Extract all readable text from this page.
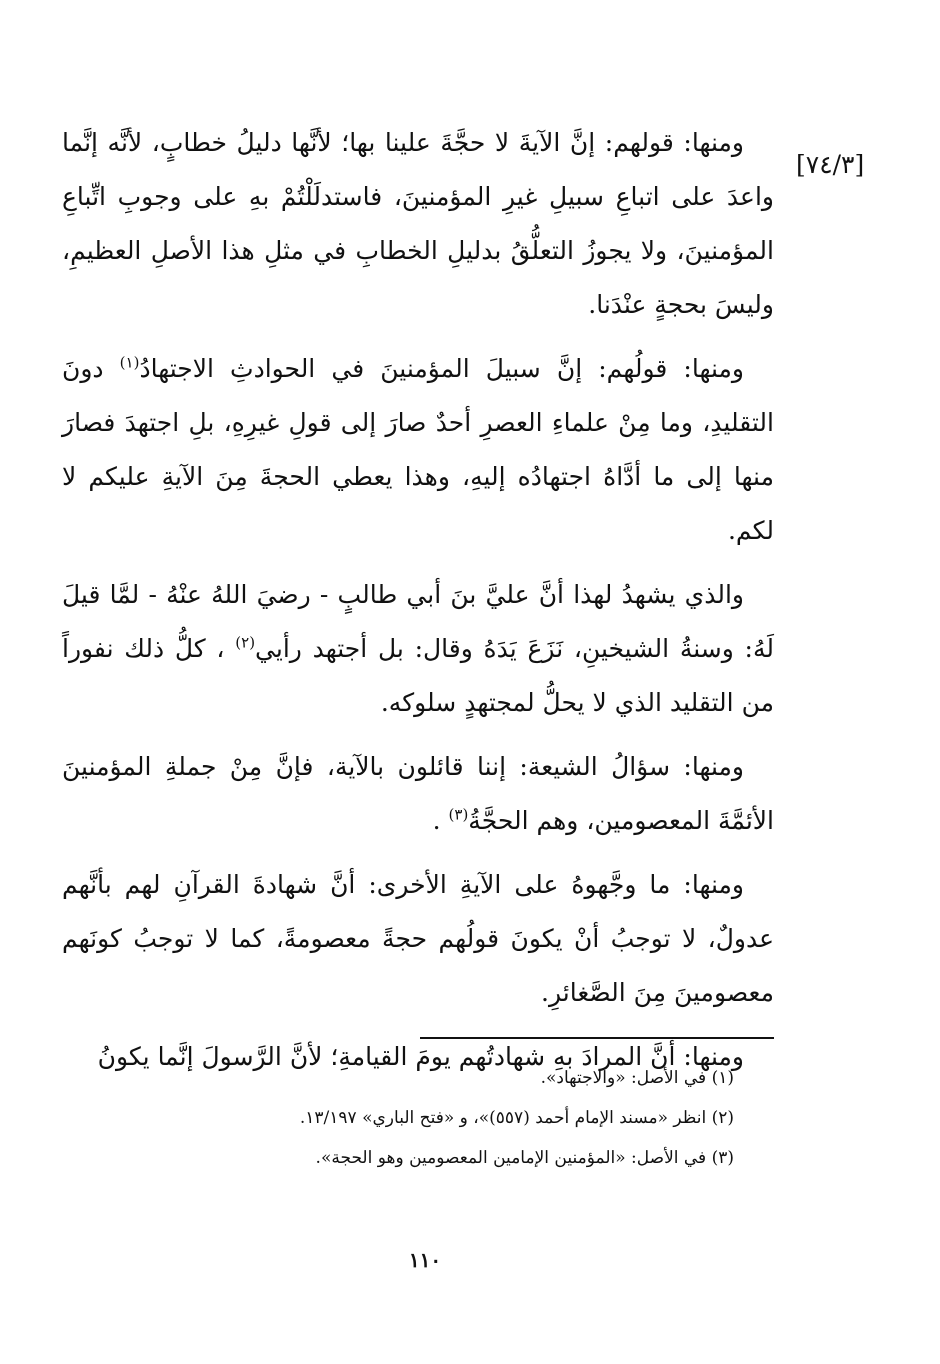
[٧٤/٣]

ومنها: قولهم: إنَّ الآيةَ لا حجَّةَ علينا بها؛ لأنَّها دليلُ خطابٍ، لأنَّه إنَّما واعدَ على اتباعِ سبيلِ غيرِ المؤمنينَ، فاستدلَلْتُمْ بهِ على وجوبِ اتِّباعِ المؤمنينَ، ولا يجوزُ التعلُّقُ بدليلِ الخطابِ في مثلِ هذا الأصلِ العظيمِ، وليسَ بحجةٍ عنْدَنا.

ومنها: قولُهم: إنَّ سبيلَ المؤمنينَ في الحوادثِ الاجتهادُ$^{(١)}$ دونَ التقليدِ، وما مِنْ علماءِ العصرِ أحدٌ صارَ إلى قولِ غيرِهِ، بلِ اجتهدَ فصارَ منها إلى ما أدَّاهُ اجتهادُه إليهِ، وهذا يعطي الحجةَ مِنَ الآيةِ عليكم لا لكم.

والذي يشهدُ لهذا أنَّ عليَّ بنَ أبي طالبٍ - رضيَ اللهُ عنْهُ - لمَّا قيلَ لَهُ: وسنةُ الشيخينِ، نَزَعَ يَدَهُ وقال: بل أجتهد رأيي$^{(٢)}$ ، كلُّ ذلك نفوراً من التقليد الذي لا يحلُّ لمجتهدٍ سلوكه.

ومنها: سؤالُ الشيعة: إننا قائلون بالآية، فإنَّ مِنْ جملةِ المؤمنينَ الأئمَّةَ المعصومين، وهم الحجَّةُ$^{(٣)}$ .

ومنها: ما وجَّهوهُ على الآيةِ الأخرى: أنَّ شهادةَ القرآنِ لهم بأنَّهم عدولٌ، لا توجبُ أنْ يكونَ قولُهم حجةً معصومةً، كما لا توجبُ كونَهم معصومينَ مِنَ الصَّغائرِ.

ومنها: أنَّ المرادَ بهِ شهادتُهم يومَ القيامةِ؛ لأنَّ الرَّسولَ إنَّما يكونُ

(١) في الأصل: «والاجتهاد».

(٢) انظر «مسند الإمام أحمد (٥٥٧)»، و «فتح الباري» ١٣/١٩٧.

(٣) في الأصل: «المؤمنين الإمامين المعصومين وهو الحجة».

١١٠
